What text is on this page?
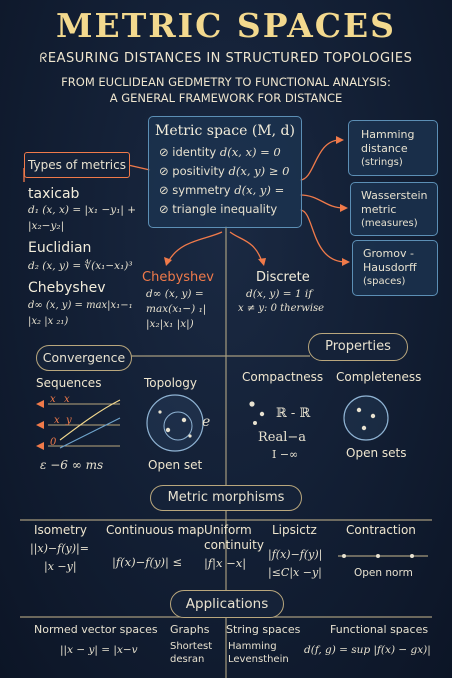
METRIC SPACES
ᖇEASURING DISTANCES IN STRUCTURED TOPOLOGIES
FROM EUCLIDEAN GEDMETRY TO FUNCTIONAL ANALYSIS:
A GENERAL FRAMEWORK FOR DISTANCE
Metric space (M, d)
⊘ identity d(x, x) = 0
⊘ positivity d(x, y) ≥ 0
⊘ symmetry d(x, y) =
⊘ triangle inequality
Hamming
distance
(strings)
Wasserstein
metric
(measures)
Gromov -
Hausdorff
(spaces)
Types of metrics
taxicab
d₁ (x, x) = |x₁ −y₁| +
|x₂−y₂|
Euclidian
d₂ (x, y) = ∜(x₁−x₁)³
Chebyshev
d∞ (x, y) = max|x₁−₁
|x₂ |x ₂₁)
Chebyshev
d∞ (x, y) =
max(x₁−) ₁|
|x₂|x₁ |x|)
Discrete
d(x, y) = 1 if
x ≠ y: 0 therwise
Convergence
Sequences
x x
x y
0
ε −6 ∞ ms
Topology
e
Open set
Properties
Compactness Completeness
ℝ - ℝ
Real−a
I −∞	Open sets
Metric morphisms
Isometry
||x)−f(y)|=
|x −y|
Continuous map
|f(x)−f(y)| ≤
Uniform
continuity
|f|x −x|
Lipsictz
|f(x)−f(y)|
|≤C|x −y|
Contraction
Open norm
Applications
Normed vector spaces
||x − y| = |x−v
Graphs
Shortest
desran
String spaces
Hamming
Levensthein
Functional spaces
d(f, g) = sup |f(x) − gx)|
